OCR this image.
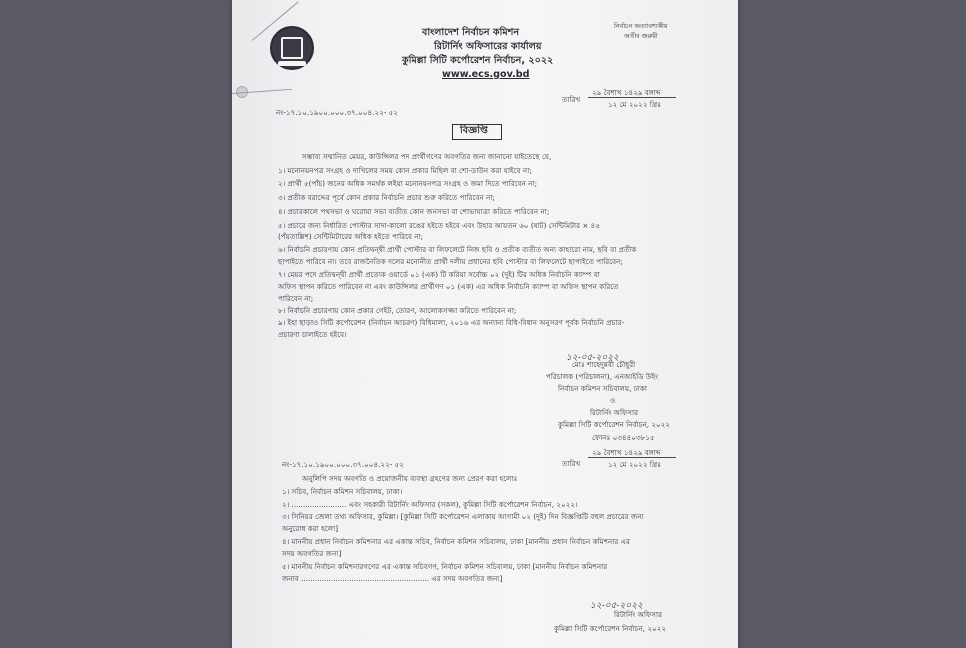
বাংলাদেশ নির্বাচন কমিশন
রিটার্নিং অফিসারের কার্যালয়
কুমিল্লা সিটি কর্পোরেশন নির্বাচন, ২০২২
www.ecs.gov.bd
নির্বাচন অত্যাবশ্যকীয়
অতীব জরুরী
নং-১৭.১০.১৯০০.০০০.৩৭.০০৪.২২- ৫২
তারিখ
২৯ বৈশাখ ১৪২৯ বঙ্গাব্দ
১২ মে ২০২২ খ্রিঃ
বিজ্ঞপ্তি
সম্ভাব্য সম্মানিত মেয়র, কাউন্সিলর পদ প্রার্থীগণের অবগতির জন্য জানানো যাইতেছে যে,
১। মনোনয়নপত্র সংগ্রহ ও দাখিলের সময় কোন প্রকার মিছিল বা শো-ডাউন করা যাইবে না;
২। প্রার্থী ৫(পাঁচ) জনের অধিক সমর্থক লইয়া মনোনয়নপত্র সংগ্রহ ও জমা দিতে পারিবেন না;
৩। প্রতীক বরাদ্দের পূর্বে কোন প্রকার নির্বাচনি প্রচার শুরু করিতে পারিবেন না;
৪। প্রচারকালে পথসভা ও ঘরোয়া সভা ব্যতীত কোন জনসভা বা শোভাযাত্রা করিতে পারিবেন না;
৫। প্রচারে জন্য নির্ধারিত পোস্টার সাদা-কালো রঙের হইতে হইবে এবং উহার আয়তন ৬০ (ষাট) সেন্টিমিটার × ৪৫
(পঁয়তাল্লিশ) সেন্টিমিটারের অধিক হইতে পারিবে না;
৬। নির্বাচনি প্রচারণায় কোন প্রতিদ্বন্দ্বী প্রার্থী পোস্টার বা লিফলেটে নিজ ছবি ও প্রতীক ব্যতীত অন্য কাহারো নাম, ছবি বা প্রতীক
ছাপাইতে পারিবে না। তবে রাজনৈতিক দলের মনোনীত প্রার্থী দলীয় প্রধানের ছবি পোস্টার বা লিফলেটে ছাপাইতে পারিবেন;
৭। মেয়র পদে প্রতিদ্বন্দ্বী প্রার্থী প্রত্যেক ওয়ার্ডে ০১ (এক) টি করিয়া সর্বোচ্চ ০২ (দুই) টির অধিক নির্বাচনি ক্যাম্প বা
অফিস স্থাপন করিতে পারিবেন না এবং কাউন্সিলর প্রার্থীগণ ০১ (এক) এর অধিক নির্বাচনি ক্যাম্প বা অফিস স্থাপন করিতে
পারিবেন না;
৮। নির্বাচনি প্রচারণায় কোন প্রকার গেইট, তোরণ, আলোকসজ্জা করিতে পারিবেন না;
৯। ইহা ছাড়াও সিটি কর্পোরেশন (নির্বাচন আচরণ) বিধিমালা, ২০১৬ এর অন্যান্য বিধি-বিধান অনুসরণ পূর্বক নির্বাচনি প্রচার-
প্রচারণা চালাইতে হইবে।
১২-০৫-২০২২
মোঃ শাহেদুন্নবী চৌধুরী
পরিচালক (পরিচালনা), এনআইডি উইং
নির্বাচন কমিশন সচিবালয়, ঢাকা
ও
রিটার্নিং অফিসার
কুমিল্লা সিটি কর্পোরেশন নির্বাচন, ২০২২
ফোনঃ ০৩৪৪০৩৮১৫
২৯ বৈশাখ ১৪২৯ বঙ্গাব্দ
তারিখ	১২ মে ২০২২ খ্রিঃ
নং-১৭.১০.১৯০০.০০০.৩৭.০০৪.২২- ৫২
অনুলিপি সদয় অবগতি ও প্রয়োজনীয় ব্যবস্থা গ্রহণের জন্য প্রেরণ করা হলোঃ
১। সচিব, নির্বাচন কমিশন সচিবালয়, ঢাকা।
২। ........................ এবং সহকারী রিটার্নিং অফিসার (সকল), কুমিল্লা সিটি কর্পোরেশন নির্বাচন, ২০২২।
৩। সিনিয়র জেলা তথ্য অফিসার, কুমিল্লা। [কুমিল্লা সিটি কর্পোরেশন এলাকায় আগামী ০২ (দুই) দিন বিজ্ঞপ্তিটি বহুল প্রচারের জন্য
অনুরোধ করা হলো]
৪। মাননীয় প্রধান নির্বাচন কমিশনার এর একান্ত সচিব, নির্বাচন কমিশন সচিবালয়, ঢাকা [মাননীয় প্রধান নির্বাচন কমিশনার এর
সদয় অবগতির জন্য]
৫। মাননীয় নির্বাচন কমিশনারগণের এর একান্ত সচিবগণ, নির্বাচন কমিশন সচিবালয়, ঢাকা [মাননীয় নির্বাচন কমিশনার
জনাব ........................................................ এর সদয় অবগতির জন্য]
১২-০৫-২০২২
রিটার্নিং অফিসার
কুমিল্লা সিটি কর্পোরেশন নির্বাচন, ২০২২
